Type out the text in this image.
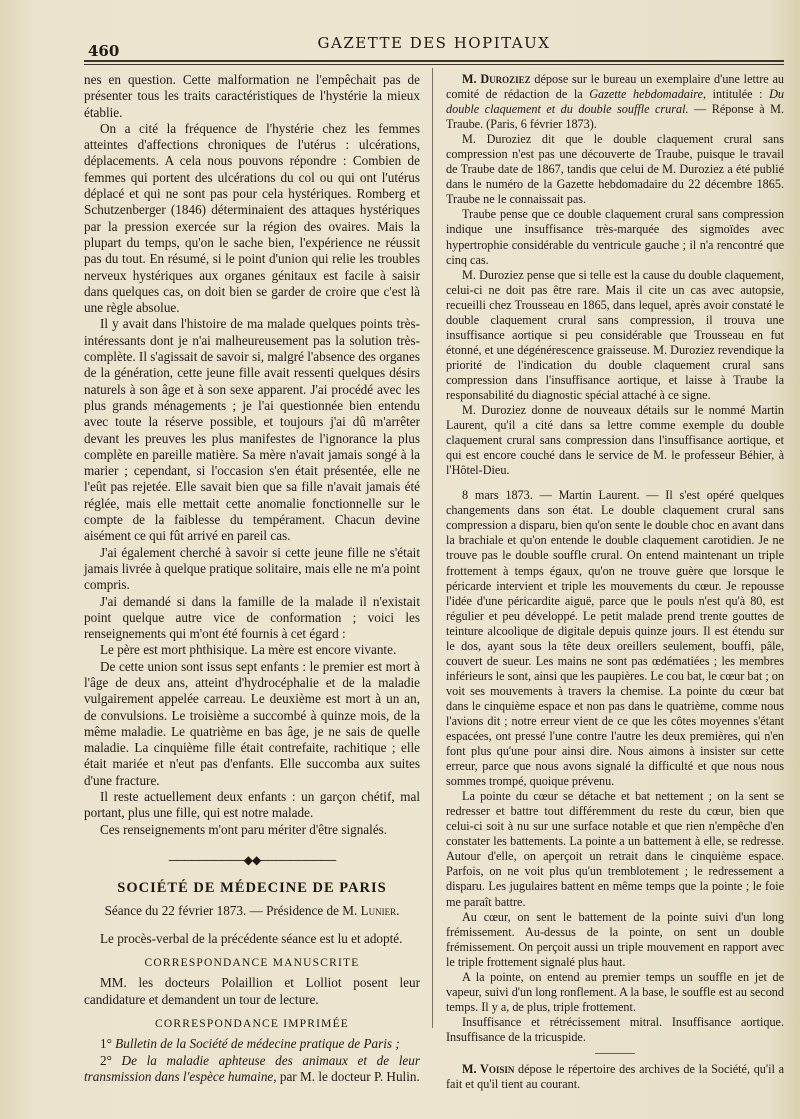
460	GAZETTE DES HOPITAUX

nes en question. Cette malformation ne l'empêchait pas de présenter tous les traits caractéristiques de l'hystérie la mieux établie.

On a cité la fréquence de l'hystérie chez les femmes atteintes d'affections chroniques de l'utérus : ulcérations, déplacements. A cela nous pouvons répondre : Combien de femmes qui portent des ulcérations du col ou qui ont l'utérus déplacé et qui ne sont pas pour cela hystériques. Romberg et Schutzenberger (1846) déterminaient des attaques hystériques par la pression exercée sur la région des ovaires. Mais la plupart du temps, qu'on le sache bien, l'expérience ne réussit pas du tout. En résumé, si le point d'union qui relie les troubles nerveux hystériques aux organes génitaux est facile à saisir dans quelques cas, on doit bien se garder de croire que c'est là une règle absolue.

Il y avait dans l'histoire de ma malade quelques points très-intéressants dont je n'ai malheureusement pas la solution très-complète. Il s'agissait de savoir si, malgré l'absence des organes de la génération, cette jeune fille avait ressenti quelques désirs naturels à son âge et à son sexe apparent. J'ai procédé avec les plus grands ménagements ; je l'ai questionnée bien entendu avec toute la réserve possible, et toujours j'ai dû m'arrêter devant les preuves les plus manifestes de l'ignorance la plus complète en pareille matière. Sa mère n'avait jamais songé à la marier ; cependant, si l'occasion s'en était présentée, elle ne l'eût pas rejetée. Elle savait bien que sa fille n'avait jamais été réglée, mais elle mettait cette anomalie fonctionnelle sur le compte de la faiblesse du tempérament. Chacun devine aisément ce qui fût arrivé en pareil cas.

J'ai également cherché à savoir si cette jeune fille ne s'était jamais livrée à quelque pratique solitaire, mais elle ne m'a point compris.

J'ai demandé si dans la famille de la malade il n'existait point quelque autre vice de conformation ; voici les renseignements qui m'ont été fournis à cet égard :

Le père est mort phthisique. La mère est encore vivante.

De cette union sont issus sept enfants : le premier est mort à l'âge de deux ans, atteint d'hydrocéphalie et de la maladie vulgairement appelée carreau. Le deuxième est mort à un an, de convulsions. Le troisième a succombé à quinze mois, de la même maladie. Le quatrième en bas âge, je ne sais de quelle maladie. La cinquième fille était contrefaite, rachitique ; elle était mariée et n'eut pas d'enfants. Elle succomba aux suites d'une fracture.

Il reste actuellement deux enfants : un garçon chétif, mal portant, plus une fille, qui est notre malade.

Ces renseignements m'ont paru mériter d'être signalés.

──────────◆◆──────────
SOCIÉTÉ DE MÉDECINE DE PARIS
Séance du 22 février 1873. — Présidence de M. Lunier.

Le procès-verbal de la précédente séance est lu et adopté.

CORRESPONDANCE MANUSCRITE

MM. les docteurs Polaillion et Lolliot posent leur candidature et demandent un tour de lecture.

CORRESPONDANCE IMPRIMÉE

1° Bulletin de la Société de médecine pratique de Paris ;

2° De la maladie aphteuse des animaux et de leur transmission dans l'espèce humaine, par M. le docteur P. Hulin.

M. Duroziez dépose sur le bureau un exemplaire d'une lettre au comité de rédaction de la Gazette hebdomadaire, intitulée : Du double claquement et du double souffle crural. — Réponse à M. Traube. (Paris, 6 février 1873).

M. Duroziez dit que le double claquement crural sans compression n'est pas une découverte de Traube, puisque le travail de Traube date de 1867, tandis que celui de M. Duroziez a été publié dans le numéro de la Gazette hebdomadaire du 22 décembre 1865. Traube ne le connaissait pas.

Traube pense que ce double claquement crural sans compression indique une insuffisance très-marquée des sigmoïdes avec hypertrophie considérable du ventricule gauche ; il n'a rencontré que cinq cas.

M. Duroziez pense que si telle est la cause du double claquement, celui-ci ne doit pas être rare. Mais il cite un cas avec autopsie, recueilli chez Trousseau en 1865, dans lequel, après avoir constaté le double claquement crural sans compression, il trouva une insuffisance aortique si peu considérable que Trousseau en fut étonné, et une dégénérescence graisseuse. M. Duroziez revendique la priorité de l'indication du double claquement crural sans compression dans l'insuffisance aortique, et laisse à Traube la responsabilité du diagnostic spécial attaché à ce signe.

M. Duroziez donne de nouveaux détails sur le nommé Martin Laurent, qu'il a cité dans sa lettre comme exemple du double claquement crural sans compression dans l'insuffisance aortique, et qui est encore couché dans le service de M. le professeur Béhier, à l'Hôtel-Dieu.

8 mars 1873. — Martin Laurent. — Il s'est opéré quelques changements dans son état. Le double claquement crural sans compression a disparu, bien qu'on sente le double choc en avant dans la brachiale et qu'on entende le double claquement carotidien. Je ne trouve pas le double souffle crural. On entend maintenant un triple frottement à temps égaux, qu'on ne trouve guère que lorsque le péricarde intervient et triple les mouvements du cœur. Je repousse l'idée d'une péricardite aiguë, parce que le pouls n'est qu'à 80, est régulier et peu développé. Le petit malade prend trente gouttes de teinture alcoolique de digitale depuis quinze jours. Il est étendu sur le dos, ayant sous la tête deux oreillers seulement, bouffi, pâle, couvert de sueur. Les mains ne sont pas œdématiées ; les membres inférieurs le sont, ainsi que les paupières. Le cou bat, le cœur bat ; on voit ses mouvements à travers la chemise. La pointe du cœur bat dans le cinquième espace et non pas dans le quatrième, comme nous l'avions dit ; notre erreur vient de ce que les côtes moyennes s'étant espacées, ont pressé l'une contre l'autre les deux premières, qui n'en font plus qu'une pour ainsi dire. Nous aimons à insister sur cette erreur, parce que nous avons signalé la difficulté et que nous nous sommes trompé, quoique prévenu.

La pointe du cœur se détache et bat nettement ; on la sent se redresser et battre tout différemment du reste du cœur, bien que celui-ci soit à nu sur une surface notable et que rien n'empêche d'en constater les battements. La pointe a un battement à elle, se redresse. Autour d'elle, on aperçoit un retrait dans le cinquième espace. Parfois, on ne voit plus qu'un tremblotement ; le redressement a disparu. Les jugulaires battent en même temps que la pointe ; le foie me paraît battre.

Au cœur, on sent le battement de la pointe suivi d'un long frémissement. Au-dessus de la pointe, on sent un double frémissement. On perçoit aussi un triple mouvement en rapport avec le triple frottement signalé plus haut.

A la pointe, on entend au premier temps un souffle en jet de vapeur, suivi d'un long ronflement. A la base, le souffle est au second temps. Il y a, de plus, triple frottement.

Insuffisance et rétrécissement mitral. Insuffisance aortique. Insuffisance de la tricuspide.

M. Voisin dépose le répertoire des archives de la Société, qu'il a fait et qu'il tient au courant.
